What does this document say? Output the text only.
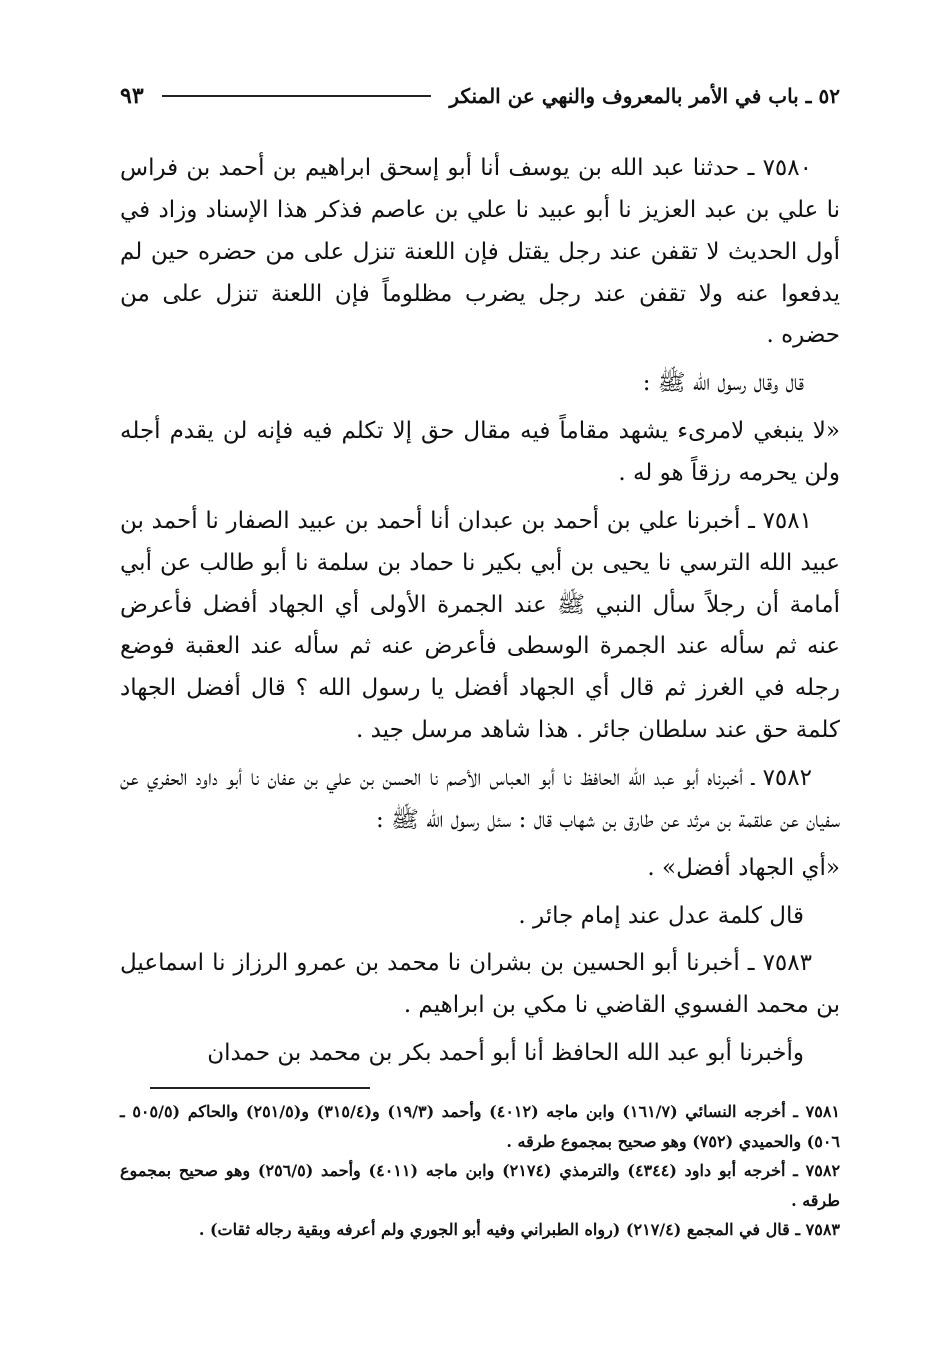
٥٢ ـ باب في الأمر بالمعروف والنهي عن المنكر
٩٣

٧٥٨٠ ـ حدثنا عبد الله بن يوسف أنا أبو إسحق ابراهيم بن أحمد بن فراس نا علي بن عبد العزيز نا أبو عبيد نا علي بن عاصم فذكر هذا الإسناد وزاد في أول الحديث لا تقفن عند رجل يقتل فإن اللعنة تنزل على من حضره حين لم يدفعوا عنه ولا تقفن عند رجل يضرب مظلوماً فإن اللعنة تنزل على من حضره .

قال وقال رسول الله ﷺ :

«لا ينبغي لامرىء يشهد مقاماً فيه مقال حق إلا تكلم فيه فإنه لن يقدم أجله ولن يحرمه رزقاً هو له .

٧٥٨١ ـ أخبرنا علي بن أحمد بن عبدان أنا أحمد بن عبيد الصفار نا أحمد بن عبيد الله الترسي نا يحيى بن أبي بكير نا حماد بن سلمة نا أبو طالب عن أبي أمامة أن رجلاً سأل النبي ﷺ عند الجمرة الأولى أي الجهاد أفضل فأعرض عنه ثم سأله عند الجمرة الوسطى فأعرض عنه ثم سأله عند العقبة فوضع رجله في الغرز ثم قال أي الجهاد أفضل يا رسول الله ؟ قال أفضل الجهاد كلمة حق عند سلطان جائر . هذا شاهد مرسل جيد .

٧٥٨٢ ـ أخبرناه أبو عبد الله الحافظ نا أبو العباس الأصم نا الحسن بن علي بن عفان نا أبو داود الحفري عن سفيان عن علقمة بن مرثد عن طارق بن شهاب قال : سئل رسول الله ﷺ :

«أي الجهاد أفضل» .

قال كلمة عدل عند إمام جائر .

٧٥٨٣ ـ أخبرنا أبو الحسين بن بشران نا محمد بن عمرو الرزاز نا اسماعيل بن محمد الفسوي القاضي نا مكي بن ابراهيم .

وأخبرنا أبو عبد الله الحافظ أنا أبو أحمد بكر بن محمد بن حمدان

٧٥٨١ ـ أخرجه النسائي (١٦١/٧) وابن ماجه (٤٠١٢) وأحمد (١٩/٣) و(٣١٥/٤) و(٢٥١/٥) والحاكم (٥٠٥/٥ ـ ٥٠٦) والحميدي (٧٥٢) وهو صحيح بمجموع طرقه .

٧٥٨٢ ـ أخرجه أبو داود (٤٣٤٤) والترمذي (٢١٧٤) وابن ماجه (٤٠١١) وأحمد (٢٥٦/٥) وهو صحيح بمجموع طرقه .

٧٥٨٣ ـ قال في المجمع (٢١٧/٤) (رواه الطبراني وفيه أبو الجوري ولم أعرفه وبقية رجاله ثقات) .
